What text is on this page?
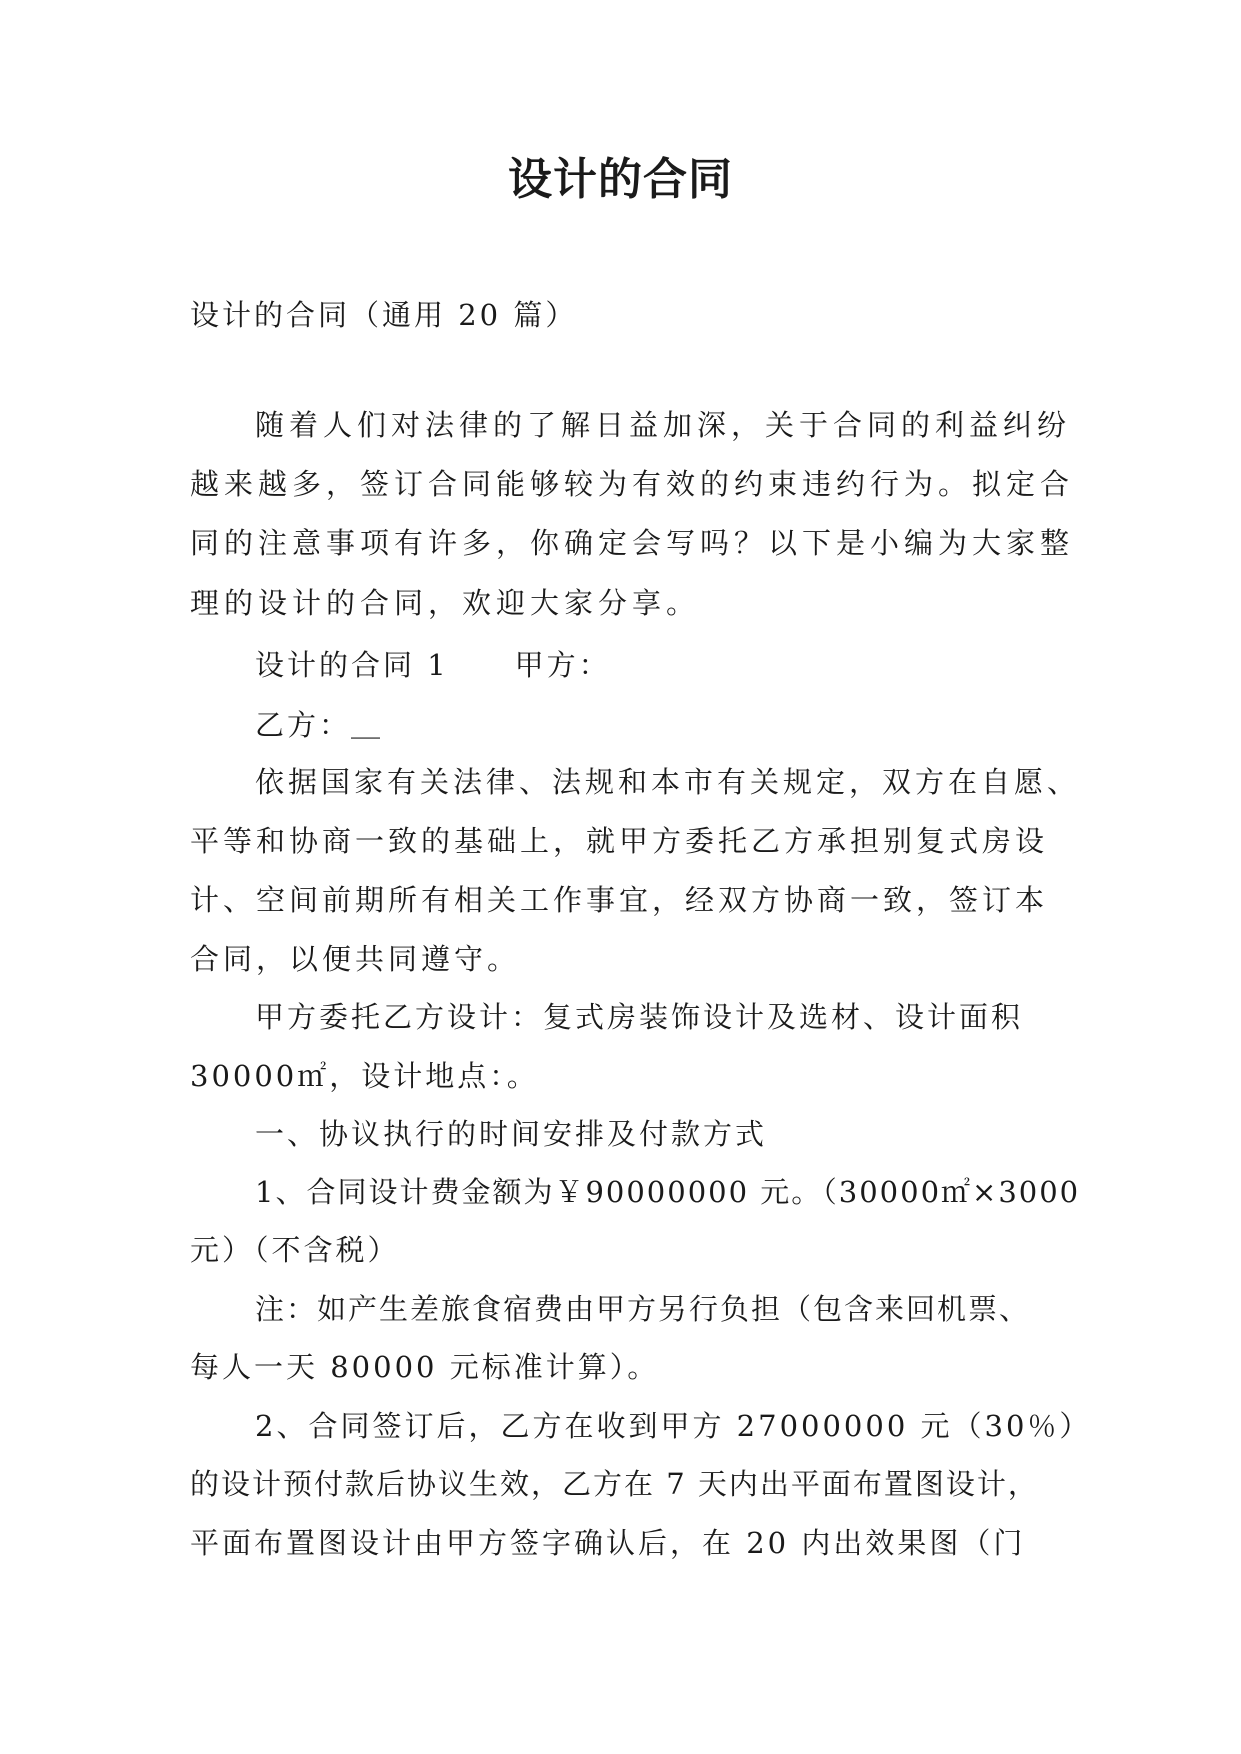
设计的合同
设计的合同（通用 20 篇）
随着人们对法律的了解日益加深，关于合同的利益纠纷
越来越多，签订合同能够较为有效的约束违约行为。拟定合
同的注意事项有许多，你确定会写吗？以下是小编为大家整
理的设计的合同，欢迎大家分享。
设计的合同 1 甲方：
乙方：＿
依据国家有关法律、法规和本市有关规定，双方在自愿、
平等和协商一致的基础上，就甲方委托乙方承担别复式房设
计、空间前期所有相关工作事宜，经双方协商一致，签订本
合同，以便共同遵守。
甲方委托乙方设计：复式房装饰设计及选材、设计面积
30000㎡，设计地点：。
一、协议执行的时间安排及付款方式
1、合同设计费金额为￥90000000 元。（30000㎡×3000
元）（不含税）
注：如产生差旅食宿费由甲方另行负担（包含来回机票、
每人一天 80000 元标准计算）。
2、合同签订后，乙方在收到甲方 27000000 元（30％）
的设计预付款后协议生效，乙方在 7 天内出平面布置图设计，
平面布置图设计由甲方签字确认后，在 20 内出效果图（门
